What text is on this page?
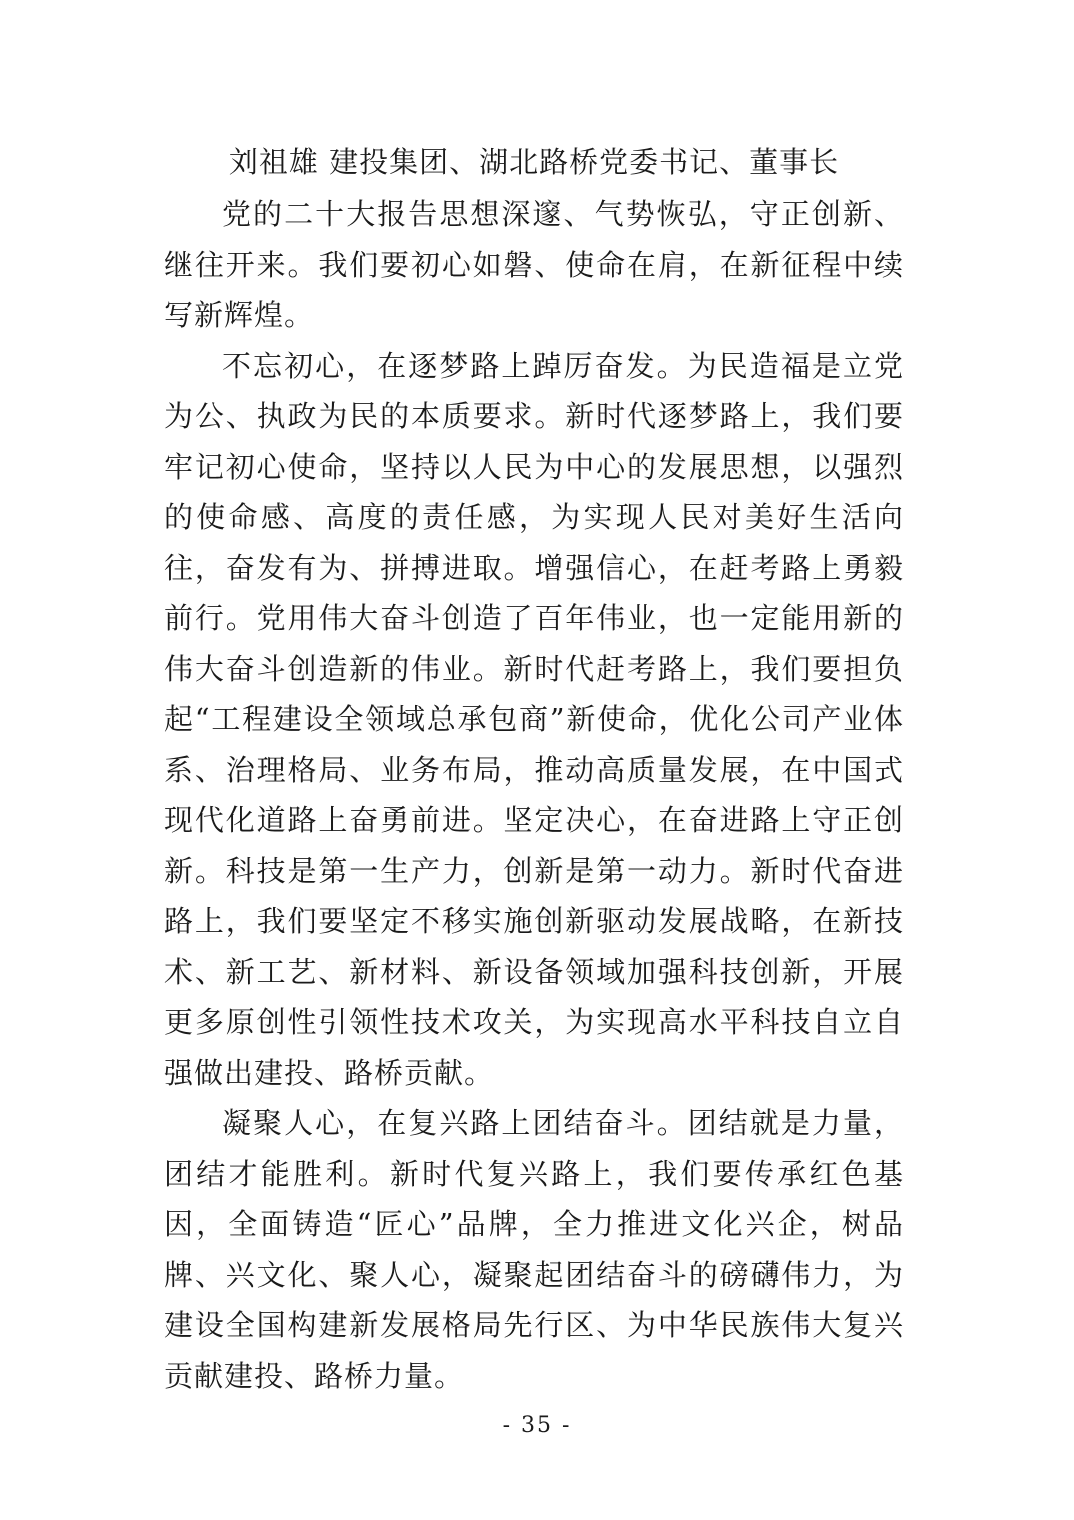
刘祖雄 建投集团、湖北路桥党委书记、董事长

党的二十大报告思想深邃、气势恢弘，守正创新、继往开来。我们要初心如磐、使命在肩，在新征程中续写新辉煌。

不忘初心，在逐梦路上踔厉奋发。为民造福是立党为公、执政为民的本质要求。新时代逐梦路上，我们要牢记初心使命，坚持以人民为中心的发展思想，以强烈的使命感、高度的责任感，为实现人民对美好生活向往，奋发有为、拼搏进取。增强信心，在赶考路上勇毅前行。党用伟大奋斗创造了百年伟业，也一定能用新的伟大奋斗创造新的伟业。新时代赶考路上，我们要担负起“工程建设全领域总承包商”新使命，优化公司产业体系、治理格局、业务布局，推动高质量发展，在中国式现代化道路上奋勇前进。坚定决心，在奋进路上守正创新。科技是第一生产力，创新是第一动力。新时代奋进路上，我们要坚定不移实施创新驱动发展战略，在新技术、新工艺、新材料、新设备领域加强科技创新，开展更多原创性引领性技术攻关，为实现高水平科技自立自强做出建投、路桥贡献。

凝聚人心，在复兴路上团结奋斗。团结就是力量，团结才能胜利。新时代复兴路上，我们要传承红色基因，全面铸造“匠心”品牌，全力推进文化兴企，树品牌、兴文化、聚人心，凝聚起团结奋斗的磅礴伟力，为建设全国构建新发展格局先行区、为中华民族伟大复兴贡献建投、路桥力量。

- 35 -
